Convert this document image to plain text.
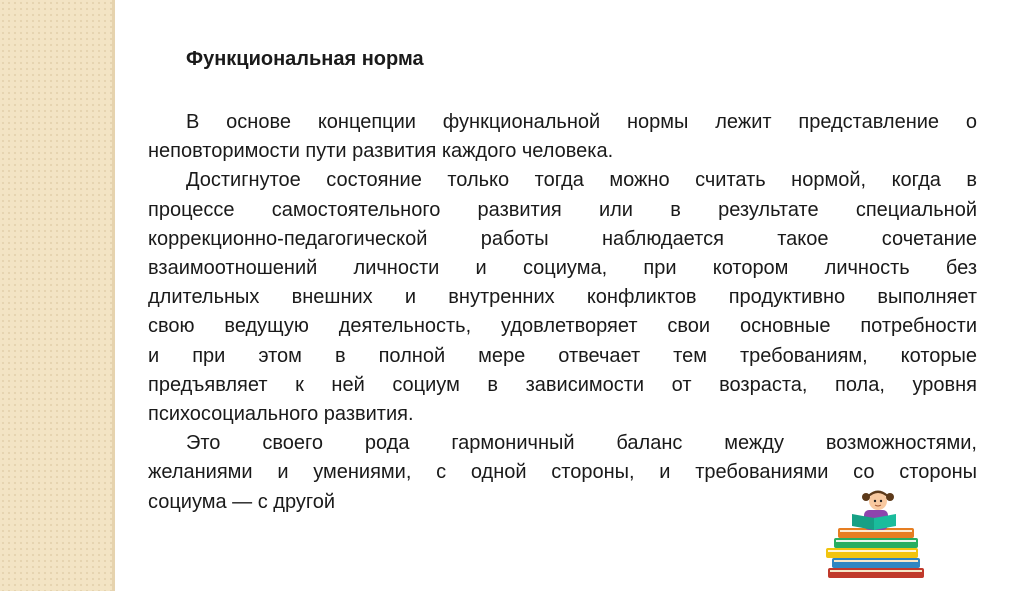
Функциональная норма

В основе концепции функциональной нормы лежит представление о
неповторимости пути развития каждого человека.

Достигнутое состояние только тогда можно считать нормой, когда в
процессе самостоятельного развития или в результате специальной
коррекционно-педагогической работы наблюдается такое сочетание
взаимоотношений личности и социума, при котором личность без
длительных внешних и внутренних конфликтов продуктивно выполняет
свою ведущую деятельность, удовлетворяет свои основные потребности
и при этом в полной мере отвечает тем требованиям, которые
предъявляет к ней социум в зависимости от возраста, пола, уровня
психосоциального развития.

Это своего рода гармоничный баланс между возможностями,
желаниями и умениями, с одной стороны, и требованиями со стороны
социума — с другой
